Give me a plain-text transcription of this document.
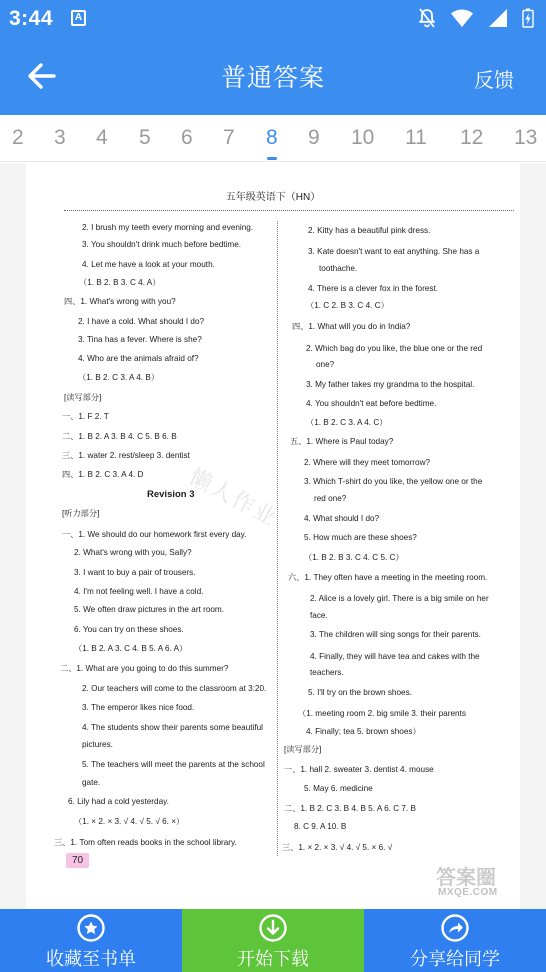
3:44	A
普通答案	反馈
2 3 4 5 6 7 8 9 10 11 12 13
五年级英语下（HN）
懒人作业
2. I brush my teeth every morning and evening.
3. You shouldn't drink much before bedtime.
4. Let me have a look at your mouth.
（1. B 2. B 3. C 4. A）
四、1. What's wrong with you?
2. I have a cold. What should I do?
3. Tina has a fever. Where is she?
4. Who are the animals afraid of?
（1. B 2. C 3. A 4. B）
[读写部分]
一、1. F 2. T
二、1. B 2. A 3. B 4. C 5. B 6. B
三、1. water 2. rest/sleep 3. dentist
四、1. B 2. C 3. A 4. D
Revision 3
[听力部分]
一、1. We should do our homework first every day.
2. What's wrong with you, Sally?
3. I want to buy a pair of trousers.
4. I'm not feeling well. I have a cold.
5. We often draw pictures in the art room.
6. You can try on these shoes.
（1. B 2. A 3. C 4. B 5. A 6. A）
二、1. What are you going to do this summer?
2. Our teachers will come to the classroom at 3:20.
3. The emperor likes nice food.
4. The students show their parents some beautiful
pictures.
5. The teachers will meet the parents at the school
gate.
6. Lily had a cold yesterday.
（1. × 2. × 3. √ 4. √ 5. √ 6. ×）
三、1. Tom often reads books in the school library.
2. Kitty has a beautiful pink dress.
3. Kate doesn't want to eat anything. She has a
toothache.
4. There is a clever fox in the forest.
（1. C 2. B 3. C 4. C）
四、1. What will you do in India?
2. Which bag do you like, the blue one or the red
one?
3. My father takes my grandma to the hospital.
4. You shouldn't eat before bedtime.
（1. B 2. C 3. A 4. C）
五、1. Where is Paul today?
2. Where will they meet tomorrow?
3. Which T-shirt do you like, the yellow one or the
red one?
4. What should I do?
5. How much are these shoes?
（1. B 2. B 3. C 4. C 5. C）
六、1. They often have a meeting in the meeting room.
2. Alice is a lovely girl. There is a big smile on her
face.
3. The children will sing songs for their parents.
4. Finally, they will have tea and cakes with the
teachers.
5. I'll try on the brown shoes.
（1. meeting room 2. big smile 3. their parents
4. Finally; tea 5. brown shoes）
[读写部分]
一、1. hall 2. sweater 3. dentist 4. mouse
5. May 6. medicine
二、1. B 2. C 3. B 4. B 5. A 6. C 7. B
8. C 9. A 10. B
三、1. × 2. × 3. √ 4. √ 5. × 6. √
70
答案圈
MXQE.COM
收藏至书单	开始下载	分享给同学
